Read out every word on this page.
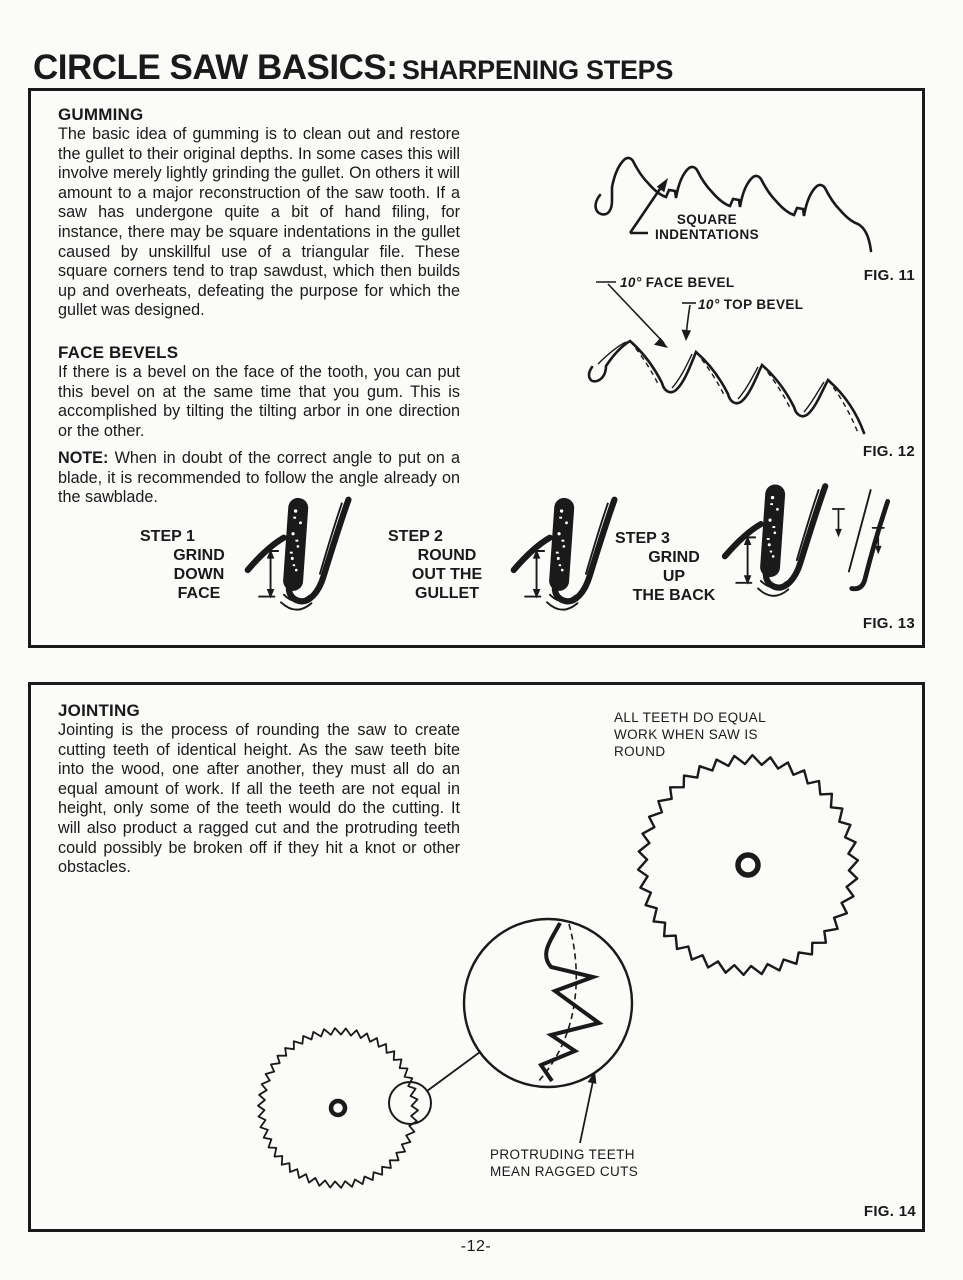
CIRCLE SAW BASICS: SHARPENING STEPS
GUMMING
The basic idea of gumming is to clean out and restore the gullet to their original depths. In some cases this will involve merely lightly grinding the gullet. On others it will amount to a major reconstruction of the saw tooth. If a saw has undergone quite a bit of hand filing, for instance, there may be square indentations in the gullet caused by unskillful use of a triangular file. These square corners tend to trap sawdust, which then builds up and overheats, defeating the purpose for which the gullet was designed.
FACE BEVELS
If there is a bevel on the face of the tooth, you can put this bevel on at the same time that you gum. This is accomplished by tilting the tilting arbor in one direction or the other.
NOTE: When in doubt of the correct angle to put on a blade, it is recommended to follow the angle already on the sawblade.
SQUARE
INDENTATIONS
FIG. 11
10° FACE BEVEL
10° TOP BEVEL
FIG. 12
STEP 1
GRIND
DOWN
FACE
STEP 2
ROUND
OUT THE
GULLET
STEP 3
GRIND
UP
THE BACK
FIG. 13
JOINTING
Jointing is the process of rounding the saw to create cutting teeth of identical height. As the saw teeth bite into the wood, one after another, they must all do an equal amount of work. If all the teeth are not equal in height, only some of the teeth would do the cutting. It will also product a ragged cut and the protruding teeth could possibly be broken off if they hit a knot or other obstacles.
ALL TEETH DO EQUAL
WORK WHEN SAW IS
ROUND
PROTRUDING TEETH
MEAN RAGGED CUTS
FIG. 14
-12-
